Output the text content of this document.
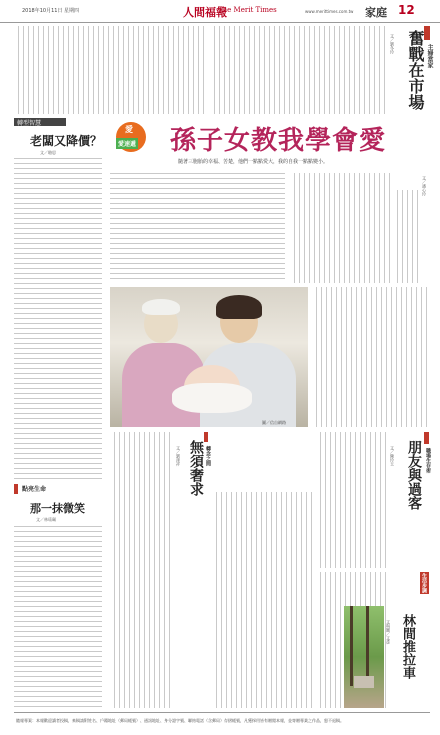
2018年10月11日 星期四	人間福報
The Merit Times	www.merittimes.com.tw 家庭 12
主婦當家
奮戰在市場
文／劉冬玲
轉型智慧
老闆又降價？
文／駱思
愛
愛速遞 孫子女教我學會愛
隨著三胞胎的幸福、苦楚，他們一點點愛大，我的自我一點點變小。
文／潘心玲
圖／信自網路
點亮生命
那一抹微笑
文／林瑤珮
轉念之間
無須奢求
文／劉澤祥	職場生存術
朋友與過客
文／陳玲玉
生活步調
林間推拉車
文與圖／文彥
隨報專案：本報歡迎讀者投稿，來稿請附姓名、戶籍地址（郵局帳號）、通訊地址、身分證字號、聯絡電話（含郵局）存摺帳號，凡獲採用皆有贈閱本報，並寄贈專業之作品，恕不退稿。
